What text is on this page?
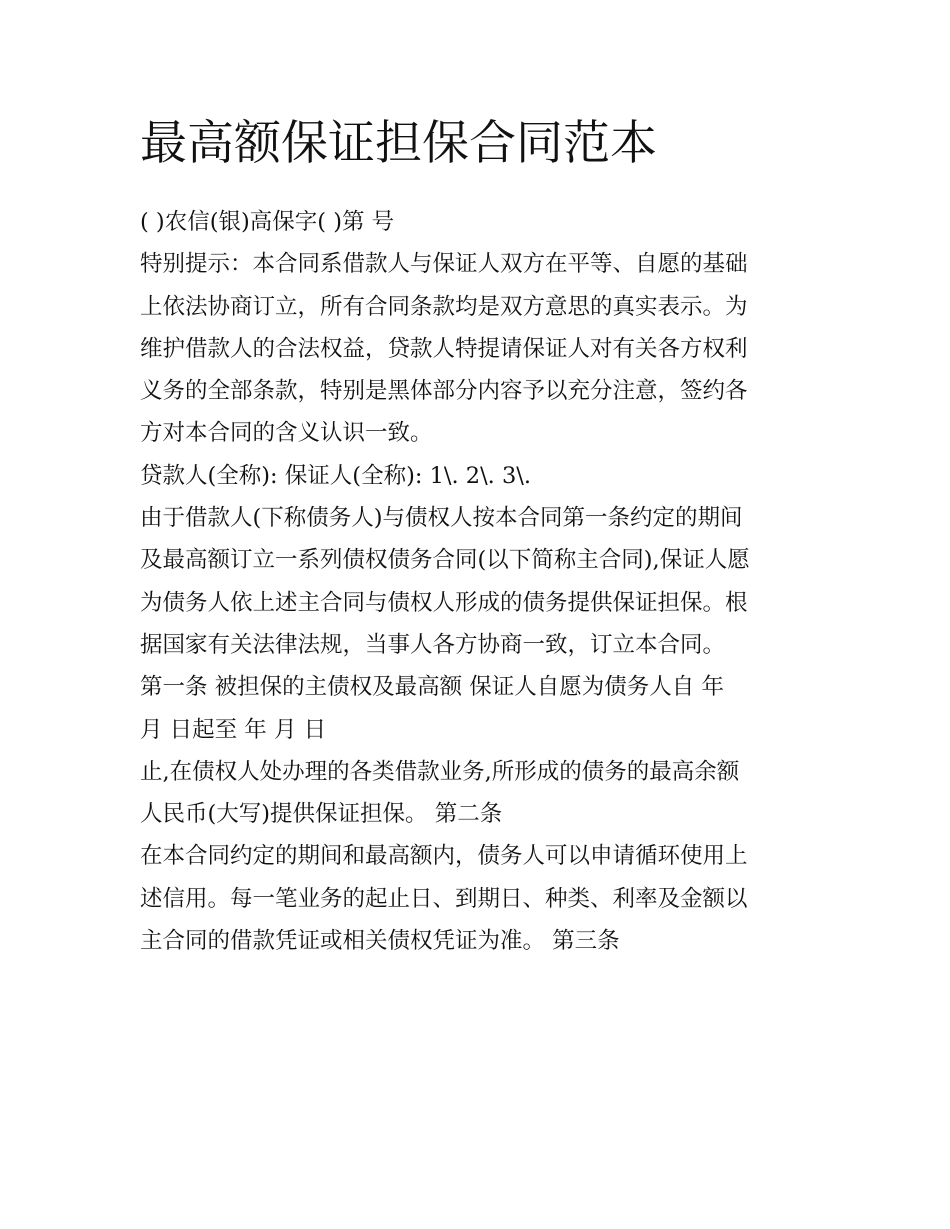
最高额保证担保合同范本
( )农信(银)高保字( )第 号
特别提示：本合同系借款人与保证人双方在平等、自愿的基础
上依法协商订立，所有合同条款均是双方意思的真实表示。为
维护借款人的合法权益，贷款人特提请保证人对有关各方权利
义务的全部条款，特别是黑体部分内容予以充分注意，签约各
方对本合同的含义认识一致。
贷款人(全称): 保证人(全称): 1\. 2\. 3\.
由于借款人(下称债务人)与债权人按本合同第一条约定的期间
及最高额订立一系列债权债务合同(以下简称主合同),保证人愿
为债务人依上述主合同与债权人形成的债务提供保证担保。根
据国家有关法律法规，当事人各方协商一致，订立本合同。
第一条 被担保的主债权及最高额 保证人自愿为债务人自 年
月 日起至 年 月 日
止,在债权人处办理的各类借款业务,所形成的债务的最高余额
人民币(大写)提供保证担保。 第二条
在本合同约定的期间和最高额内，债务人可以申请循环使用上
述信用。每一笔业务的起止日、到期日、种类、利率及金额以
主合同的借款凭证或相关债权凭证为准。 第三条
